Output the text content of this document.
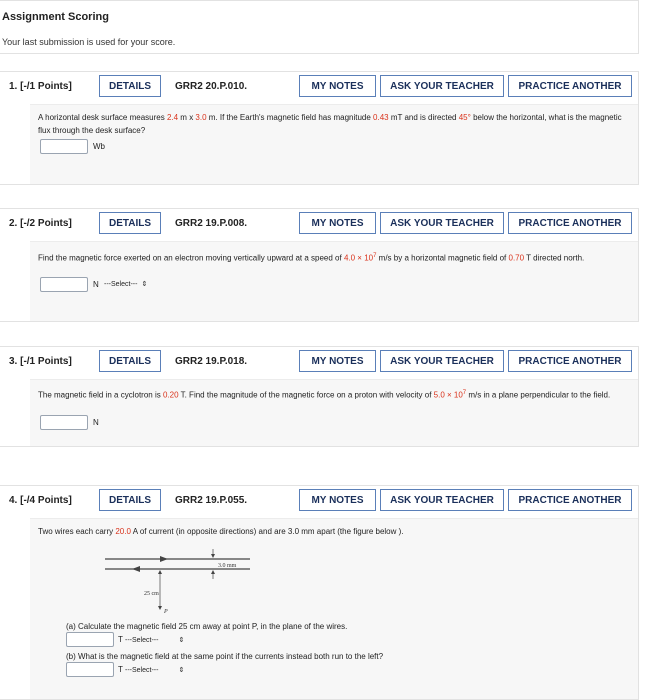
Assignment Scoring
Your last submission is used for your score.
1. [-/1 Points]	DETAILS	GRR2 20.P.010.	MY NOTES	ASK YOUR TEACHER	PRACTICE ANOTHER
A horizontal desk surface measures 2.4 m x 3.0 m. If the Earth's magnetic field has magnitude 0.43 mT and is directed 45° below the horizontal, what is the magnetic flux through the desk surface?
Wb
2. [-/2 Points]	DETAILS	GRR2 19.P.008.	MY NOTES	ASK YOUR TEACHER	PRACTICE ANOTHER
Find the magnetic force exerted on an electron moving vertically upward at a speed of $4.0 \times 10^7$ m/s by a horizontal magnetic field of 0.70 T directed north.
N ---Select--- ⇕
3. [-/1 Points]	DETAILS	GRR2 19.P.018.	MY NOTES	ASK YOUR TEACHER	PRACTICE ANOTHER
The magnetic field in a cyclotron is 0.20 T. Find the magnitude of the magnetic force on a proton with velocity of $5.0 \times 10^7$ m/s in a plane perpendicular to the field.
N
4. [-/4 Points]	DETAILS	GRR2 19.P.055.	MY NOTES	ASK YOUR TEACHER	PRACTICE ANOTHER
Two wires each carry 20.0 A of current (in opposite directions) and are 3.0 mm apart (the figure below ).
3.0 mm
25 cm
P
(a) Calculate the magnetic field 25 cm away at point P, in the plane of the wires.
T ---Select---	⇕
(b) What is the magnetic field at the same point if the currents instead both run to the left?
T ---Select---	⇕
